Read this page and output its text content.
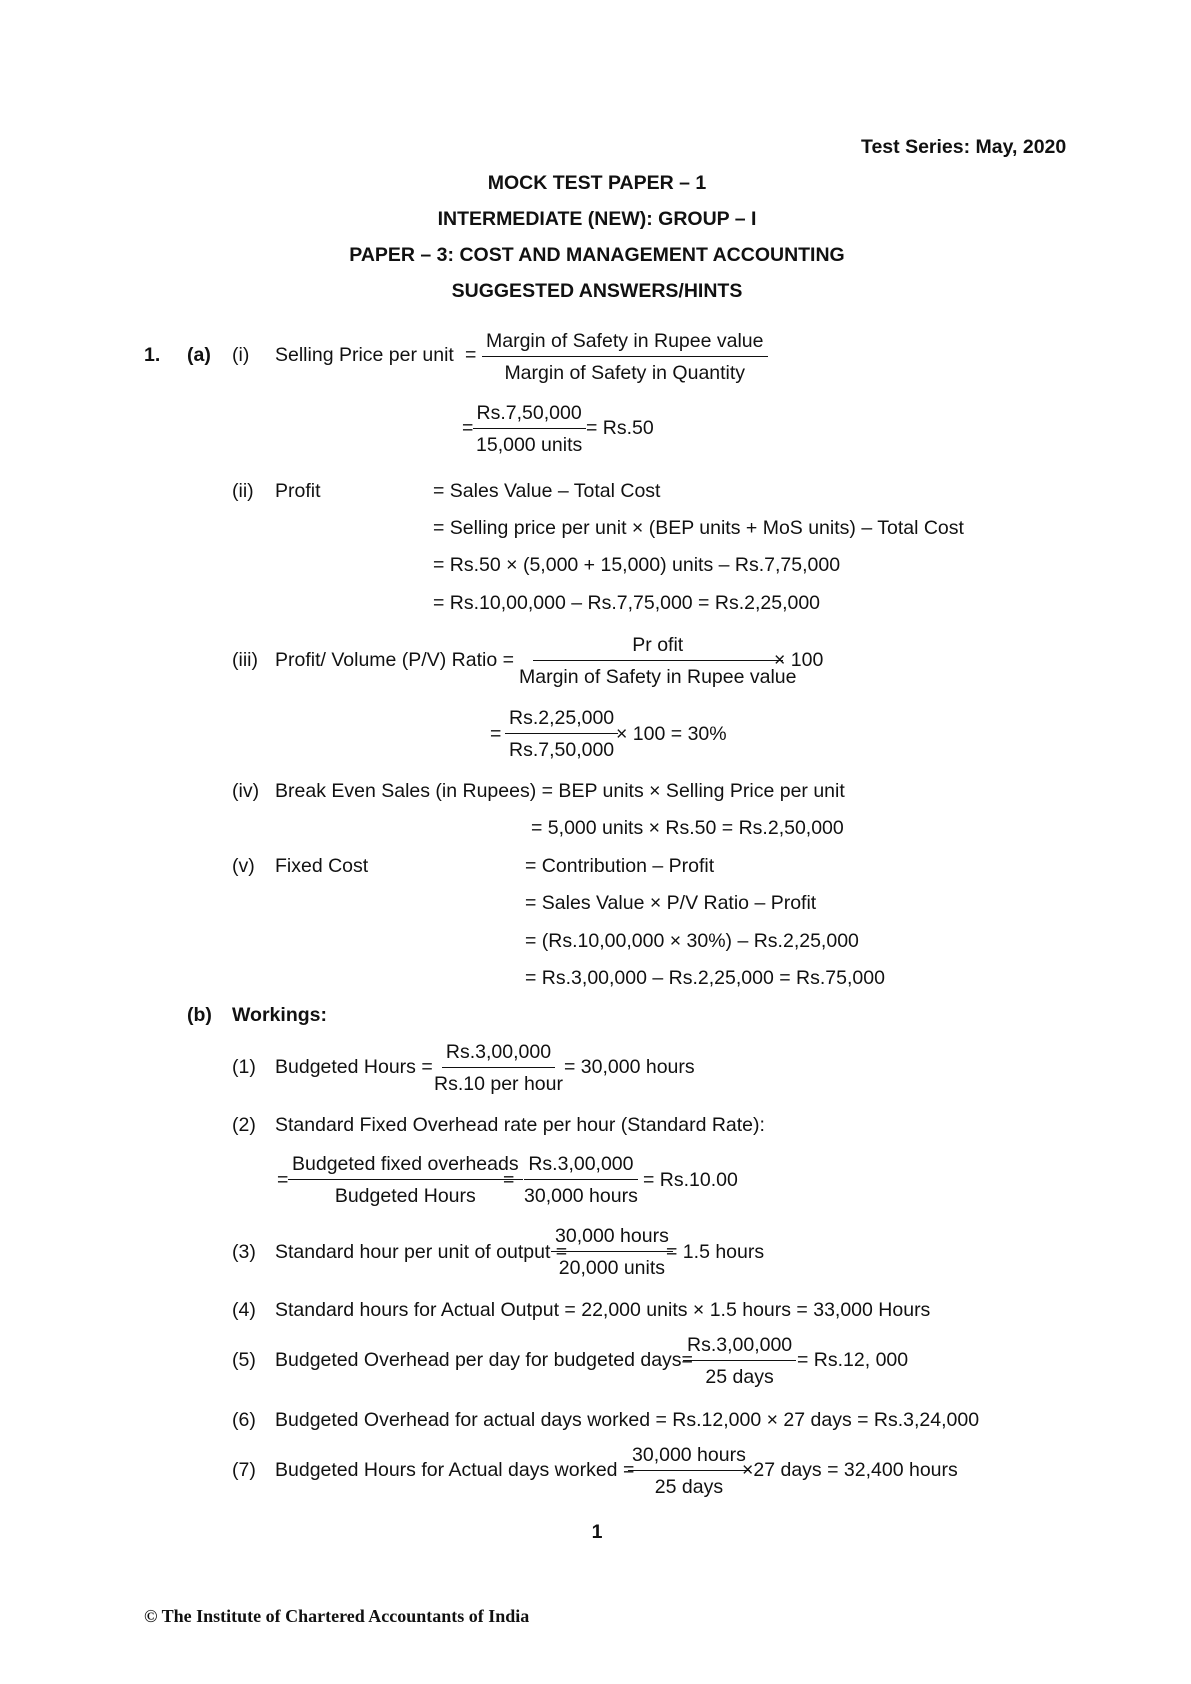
Test Series: May, 2020
MOCK TEST PAPER – 1
INTERMEDIATE (NEW): GROUP – I
PAPER – 3: COST AND MANAGEMENT ACCOUNTING
SUGGESTED ANSWERS/HINTS
1. (a) (i) Selling Price per unit =
Margin of Safety in Rupee value
Margin of Safety in Quantity
=
Rs.7,50,000
15,000 units
= Rs.50
(ii) Profit	= Sales Value – Total Cost
= Selling price per unit × (BEP units + MoS units) – Total Cost
= Rs.50 × (5,000 + 15,000) units – Rs.7,75,000
= Rs.10,00,000 – Rs.7,75,000 = Rs.2,25,000
(iii) Profit/ Volume (P/V) Ratio =
Pr ofit
Margin of Safety in Rupee value
× 100
= $\frac{Rs.2,25,000}{Rs.7,50,000}$
× 100 = 30%
(iv) Break Even Sales (in Rupees) = BEP units × Selling Price per unit
= 5,000 units × Rs.50 = Rs.2,50,000
(v) Fixed Cost	= Contribution – Profit
= Sales Value × P/V Ratio – Profit
= (Rs.10,00,000 × 30%) – Rs.2,25,000
= Rs.3,00,000 – Rs.2,25,000 = Rs.75,000
(b) Workings:
(1) Budgeted Hours =
Rs.3,00,000
Rs.10 per hour
= 30,000 hours
(2) Standard Fixed Overhead rate per hour (Standard Rate):
=
Budgeted fixed overheads
Budgeted Hours
=
Rs.3,00,000
30,000 hours
= Rs.10.00
(3) Standard hour per unit of output =
30,000 hours
20,000 units
= 1.5 hours
(4) Standard hours for Actual Output = 22,000 units × 1.5 hours = 33,000 Hours
(5) Budgeted Overhead per day for budgeted days=
Rs.3,00,000
25 days
= Rs.12, 000
(6) Budgeted Overhead for actual days worked = Rs.12,000 × 27 days = Rs.3,24,000
(7) Budgeted Hours for Actual days worked =
30,000 hours
25 days
×27 days = 32,400 hours
1
© The Institute of Chartered Accountants of India
